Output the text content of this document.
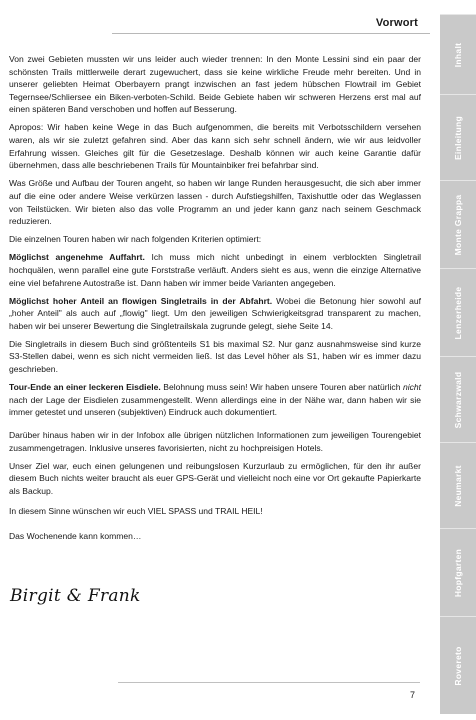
Vorwort

Von zwei Gebieten mussten wir uns leider auch wieder trennen: In den Monte Lessini sind ein paar der schönsten Trails mittlerweile derart zugewuchert, dass sie keine wirkliche Freude mehr bereiten. Und in unserer geliebten Heimat Oberbayern prangt inzwischen an fast jedem hübschen Flowtrail im Gebiet Tegernsee/Schliersee ein Biken-verboten-Schild. Beide Gebiete haben wir schweren Herzens erst mal auf einen späteren Band verschoben und hoffen auf Besserung.

Apropos: Wir haben keine Wege in das Buch aufgenommen, die bereits mit Verbotsschildern versehen waren, als wir sie zuletzt gefahren sind. Aber das kann sich sehr schnell ändern, wie wir aus leidvoller Erfahrung wissen. Gleiches gilt für die Gesetzeslage. Deshalb können wir auch keine Garantie dafür übernehmen, dass alle beschriebenen Trails für Mountainbiker frei befahrbar sind.

Was Größe und Aufbau der Touren angeht, so haben wir lange Runden herausgesucht, die sich aber immer auf die eine oder andere Weise verkürzen lassen - durch Aufstiegshilfen, Taxishuttle oder das Weglassen von Teilstücken. Wir bieten also das volle Programm an und jeder kann ganz nach seinem Geschmack reduzieren.

Die einzelnen Touren haben wir nach folgenden Kriterien optimiert:

Möglichst angenehme Auffahrt. Ich muss mich nicht unbedingt in einem verblockten Singletrail hochquälen, wenn parallel eine gute Forststraße verläuft. Anders sieht es aus, wenn die einzige Alternative eine viel befahrene Autostraße ist. Dann haben wir immer beide Varianten angegeben.

Möglichst hoher Anteil an flowigen Singletrails in der Abfahrt. Wobei die Betonung hier sowohl auf „hoher Anteil" als auch auf „flowig" liegt. Um den jeweiligen Schwierigkeitsgrad transparent zu machen, haben wir bei unserer Bewertung die Singletrailskala zugrunde gelegt, siehe Seite 14.

Die Singletrails in diesem Buch sind größtenteils S1 bis maximal S2. Nur ganz ausnahmsweise sind kurze S3-Stellen dabei, wenn es sich nicht vermeiden ließ. Ist das Level höher als S1, haben wir es immer dazu geschrieben.

Tour-Ende an einer leckeren Eisdiele. Belohnung muss sein! Wir haben unsere Touren aber natürlich nicht nach der Lage der Eisdielen zusammengestellt. Wenn allerdings eine in der Nähe war, dann haben wir sie immer getestet und unseren (subjektiven) Eindruck auch dokumentiert.

Darüber hinaus haben wir in der Infobox alle übrigen nützlichen Informationen zum jeweiligen Tourengebiet zusammengetragen. Inklusive unseres favorisierten, nicht zu hochpreisigen Hotels.

Unser Ziel war, euch einen gelungenen und reibungslosen Kurzurlaub zu ermöglichen, für den ihr außer diesem Buch nichts weiter braucht als euer GPS-Gerät und vielleicht noch eine vor Ort gekaufte Papierkarte als Backup.

In diesem Sinne wünschen wir euch VIEL SPASS und TRAIL HEIL!

Das Wochenende kann kommen…

Birgit & Frank
7
Inhalt
Einleitung
Monte Grappa
Lenzerheide
Schwarzwald
Neumarkt
Hopfgarten
Rovereto
